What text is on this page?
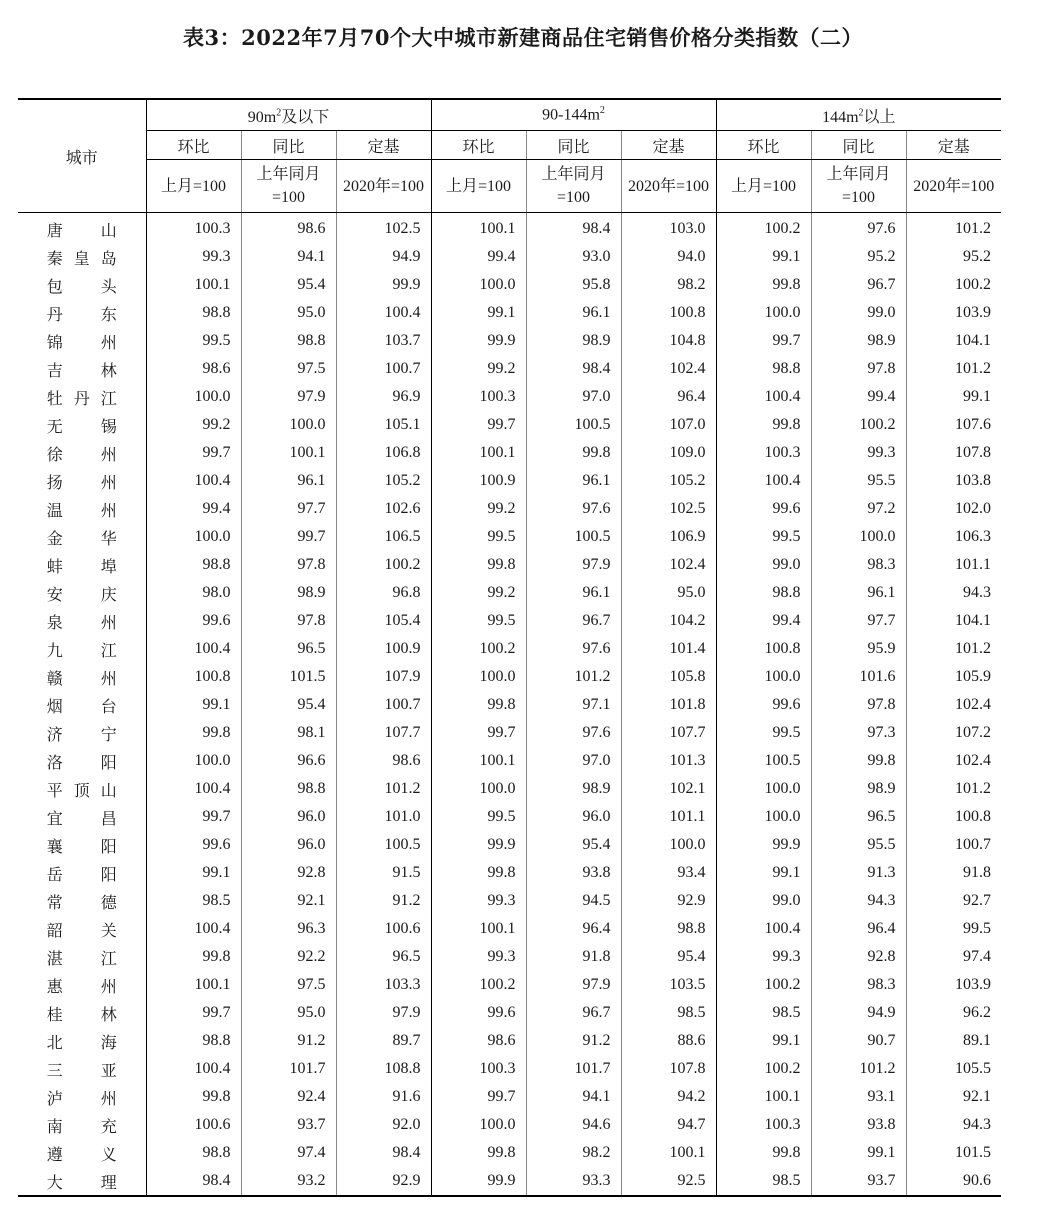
表3：2022年7月70个大中城市新建商品住宅销售价格分类指数（二）
城市	$90m^2$及以下			$90-144m^2$			$144m^2$以上		
	环比	同比	定基	环比	同比	定基	环比	同比	定基
	上月=100	上年同月=100	2020年=100	上月=100	上年同月=100	2020年=100	上月=100	上年同月=100	2020年=100
唐山	100.3	98.6	102.5	100.1	98.4	103.0	100.2	97.6	101.2
秦皇岛	99.3	94.1	94.9	99.4	93.0	94.0	99.1	95.2	95.2
包头	100.1	95.4	99.9	100.0	95.8	98.2	99.8	96.7	100.2
丹东	98.8	95.0	100.4	99.1	96.1	100.8	100.0	99.0	103.9
锦州	99.5	98.8	103.7	99.9	98.9	104.8	99.7	98.9	104.1
吉林	98.6	97.5	100.7	99.2	98.4	102.4	98.8	97.8	101.2
牡丹江	100.0	97.9	96.9	100.3	97.0	96.4	100.4	99.4	99.1
无锡	99.2	100.0	105.1	99.7	100.5	107.0	99.8	100.2	107.6
徐州	99.7	100.1	106.8	100.1	99.8	109.0	100.3	99.3	107.8
扬州	100.4	96.1	105.2	100.9	96.1	105.2	100.4	95.5	103.8
温州	99.4	97.7	102.6	99.2	97.6	102.5	99.6	97.2	102.0
金华	100.0	99.7	106.5	99.5	100.5	106.9	99.5	100.0	106.3
蚌埠	98.8	97.8	100.2	99.8	97.9	102.4	99.0	98.3	101.1
安庆	98.0	98.9	96.8	99.2	96.1	95.0	98.8	96.1	94.3
泉州	99.6	97.8	105.4	99.5	96.7	104.2	99.4	97.7	104.1
九江	100.4	96.5	100.9	100.2	97.6	101.4	100.8	95.9	101.2
赣州	100.8	101.5	107.9	100.0	101.2	105.8	100.0	101.6	105.9
烟台	99.1	95.4	100.7	99.8	97.1	101.8	99.6	97.8	102.4
济宁	99.8	98.1	107.7	99.7	97.6	107.7	99.5	97.3	107.2
洛阳	100.0	96.6	98.6	100.1	97.0	101.3	100.5	99.8	102.4
平顶山	100.4	98.8	101.2	100.0	98.9	102.1	100.0	98.9	101.2
宜昌	99.7	96.0	101.0	99.5	96.0	101.1	100.0	96.5	100.8
襄阳	99.6	96.0	100.5	99.9	95.4	100.0	99.9	95.5	100.7
岳阳	99.1	92.8	91.5	99.8	93.8	93.4	99.1	91.3	91.8
常德	98.5	92.1	91.2	99.3	94.5	92.9	99.0	94.3	92.7
韶关	100.4	96.3	100.6	100.1	96.4	98.8	100.4	96.4	99.5
湛江	99.8	92.2	96.5	99.3	91.8	95.4	99.3	92.8	97.4
惠州	100.1	97.5	103.3	100.2	97.9	103.5	100.2	98.3	103.9
桂林	99.7	95.0	97.9	99.6	96.7	98.5	98.5	94.9	96.2
北海	98.8	91.2	89.7	98.6	91.2	88.6	99.1	90.7	89.1
三亚	100.4	101.7	108.8	100.3	101.7	107.8	100.2	101.2	105.5
泸州	99.8	92.4	91.6	99.7	94.1	94.2	100.1	93.1	92.1
南充	100.6	93.7	92.0	100.0	94.6	94.7	100.3	93.8	94.3
遵义	98.8	97.4	98.4	99.8	98.2	100.1	99.8	99.1	101.5
大理	98.4	93.2	92.9	99.9	93.3	92.5	98.5	93.7	90.6
